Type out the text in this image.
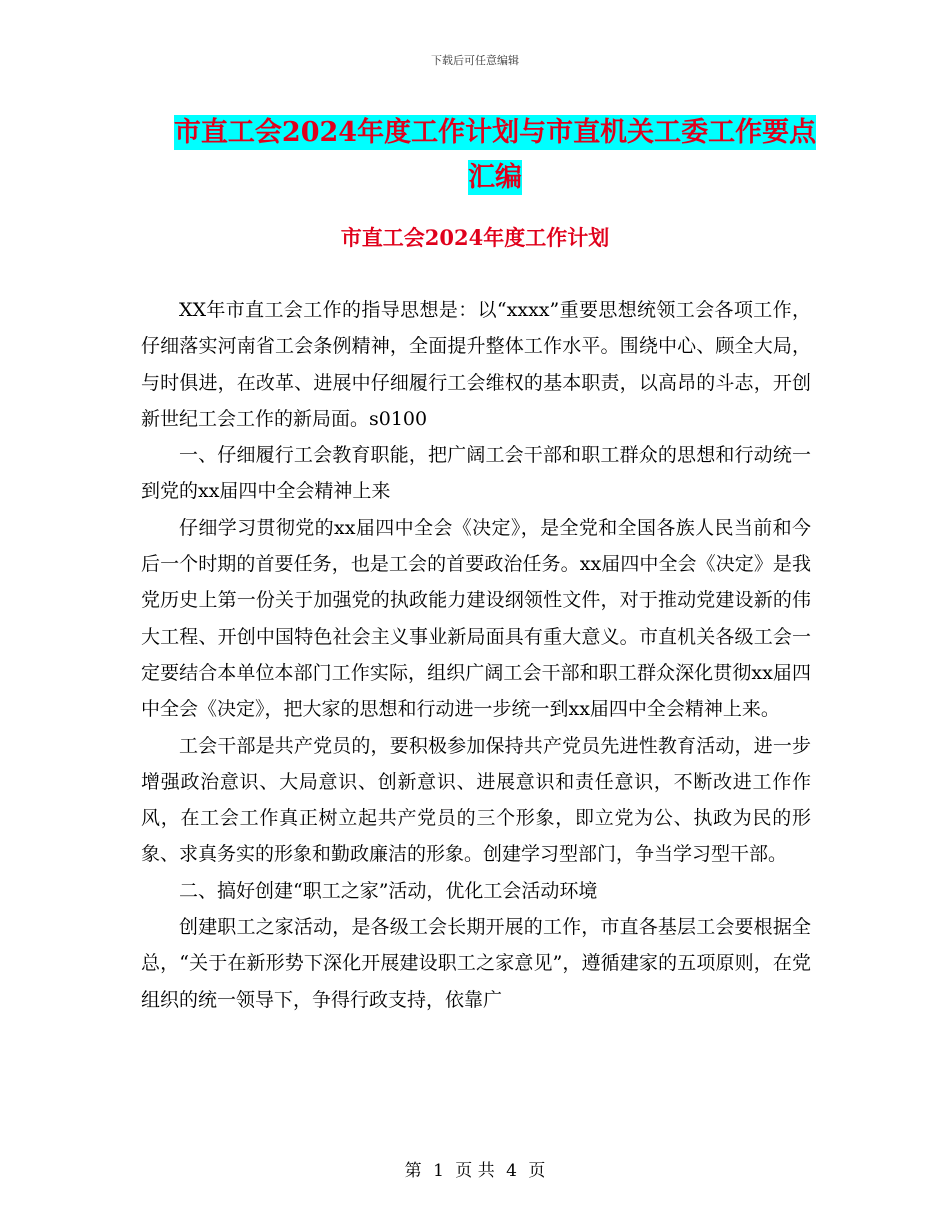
下载后可任意编辑
市直工会2024年度工作计划与市直机关工委工作要点
汇编
市直工会2024年度工作计划

XX年市直工会工作的指导思想是：以“xxxx”重要思想统领工会各项工作，仔细落实河南省工会条例精神，全面提升整体工作水平。围绕中心、顾全大局，与时俱进，在改革、进展中仔细履行工会维权的基本职责，以高昂的斗志，开创新世纪工会工作的新局面。s0100

一、仔细履行工会教育职能，把广阔工会干部和职工群众的思想和行动统一到党的xx届四中全会精神上来

仔细学习贯彻党的xx届四中全会《决定》，是全党和全国各族人民当前和今后一个时期的首要任务，也是工会的首要政治任务。xx届四中全会《决定》是我党历史上第一份关于加强党的执政能力建设纲领性文件，对于推动党建设新的伟大工程、开创中国特色社会主义事业新局面具有重大意义。市直机关各级工会一定要结合本单位本部门工作实际，组织广阔工会干部和职工群众深化贯彻xx届四中全会《决定》，把大家的思想和行动进一步统一到xx届四中全会精神上来。

工会干部是共产党员的，要积极参加保持共产党员先进性教育活动，进一步增强政治意识、大局意识、创新意识、进展意识和责任意识，不断改进工作作风，在工会工作真正树立起共产党员的三个形象，即立党为公、执政为民的形象、求真务实的形象和勤政廉洁的形象。创建学习型部门，争当学习型干部。

二、搞好创建“职工之家”活动，优化工会活动环境

创建职工之家活动，是各级工会长期开展的工作，市直各基层工会要根据全总，“关于在新形势下深化开展建设职工之家意见”，遵循建家的五项原则，在党组织的统一领导下，争得行政支持，依靠广

第 1 页 共 4 页
